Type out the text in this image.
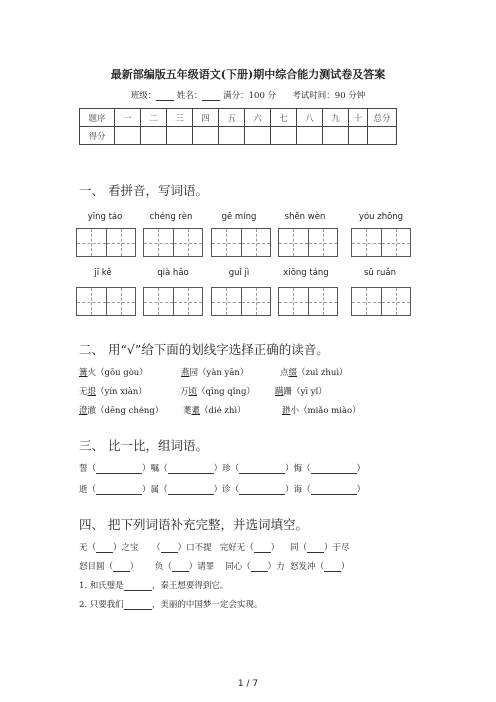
最新部编版五年级语文(下册)期中综合能力测试卷及答案
班级： 姓名： 满分：100 分 考试时间：90 分钟
题序	一	二	三	四	五	六	七	八	九	十	总分
得分											
一、 看拼音，写词语。
yīng táo	chéng rèn	gē míng	shěn wèn	yóu zhōng
jī kě	qià hǎo	guǐ jì	xiōng táng	sū ruǎn
二、 用“√”给下面的划线字选择正确的读音。
篝火（gōu gòu）	燕园（yàn yān）	点缀（zuì zhuì）
无垠（yín xiàn）	万顷（qīng qǐng） 蹒跚（yī yǐ）
澄澈（dēng chéng） 耄耋（dié zhì）	渺小（miǎo miào）
三、 比一比，组词语。
誓（	）嘱（	）珍（	）悔（	）
逝（	）属（	）诊（	）诲（	）
四、 把下列词语补充完整，并选词填空。
无（ ）之宝 （ ）口不提 完好无（ ） 同（ ）于尽
怒目圆（ ） 负（ ）请罪 同心（ ）力 怒发冲（ ）
1. 和氏璧是	，秦王想要得到它。
2. 只要我们	，美丽的中国梦一定会实现。
1 / 7
